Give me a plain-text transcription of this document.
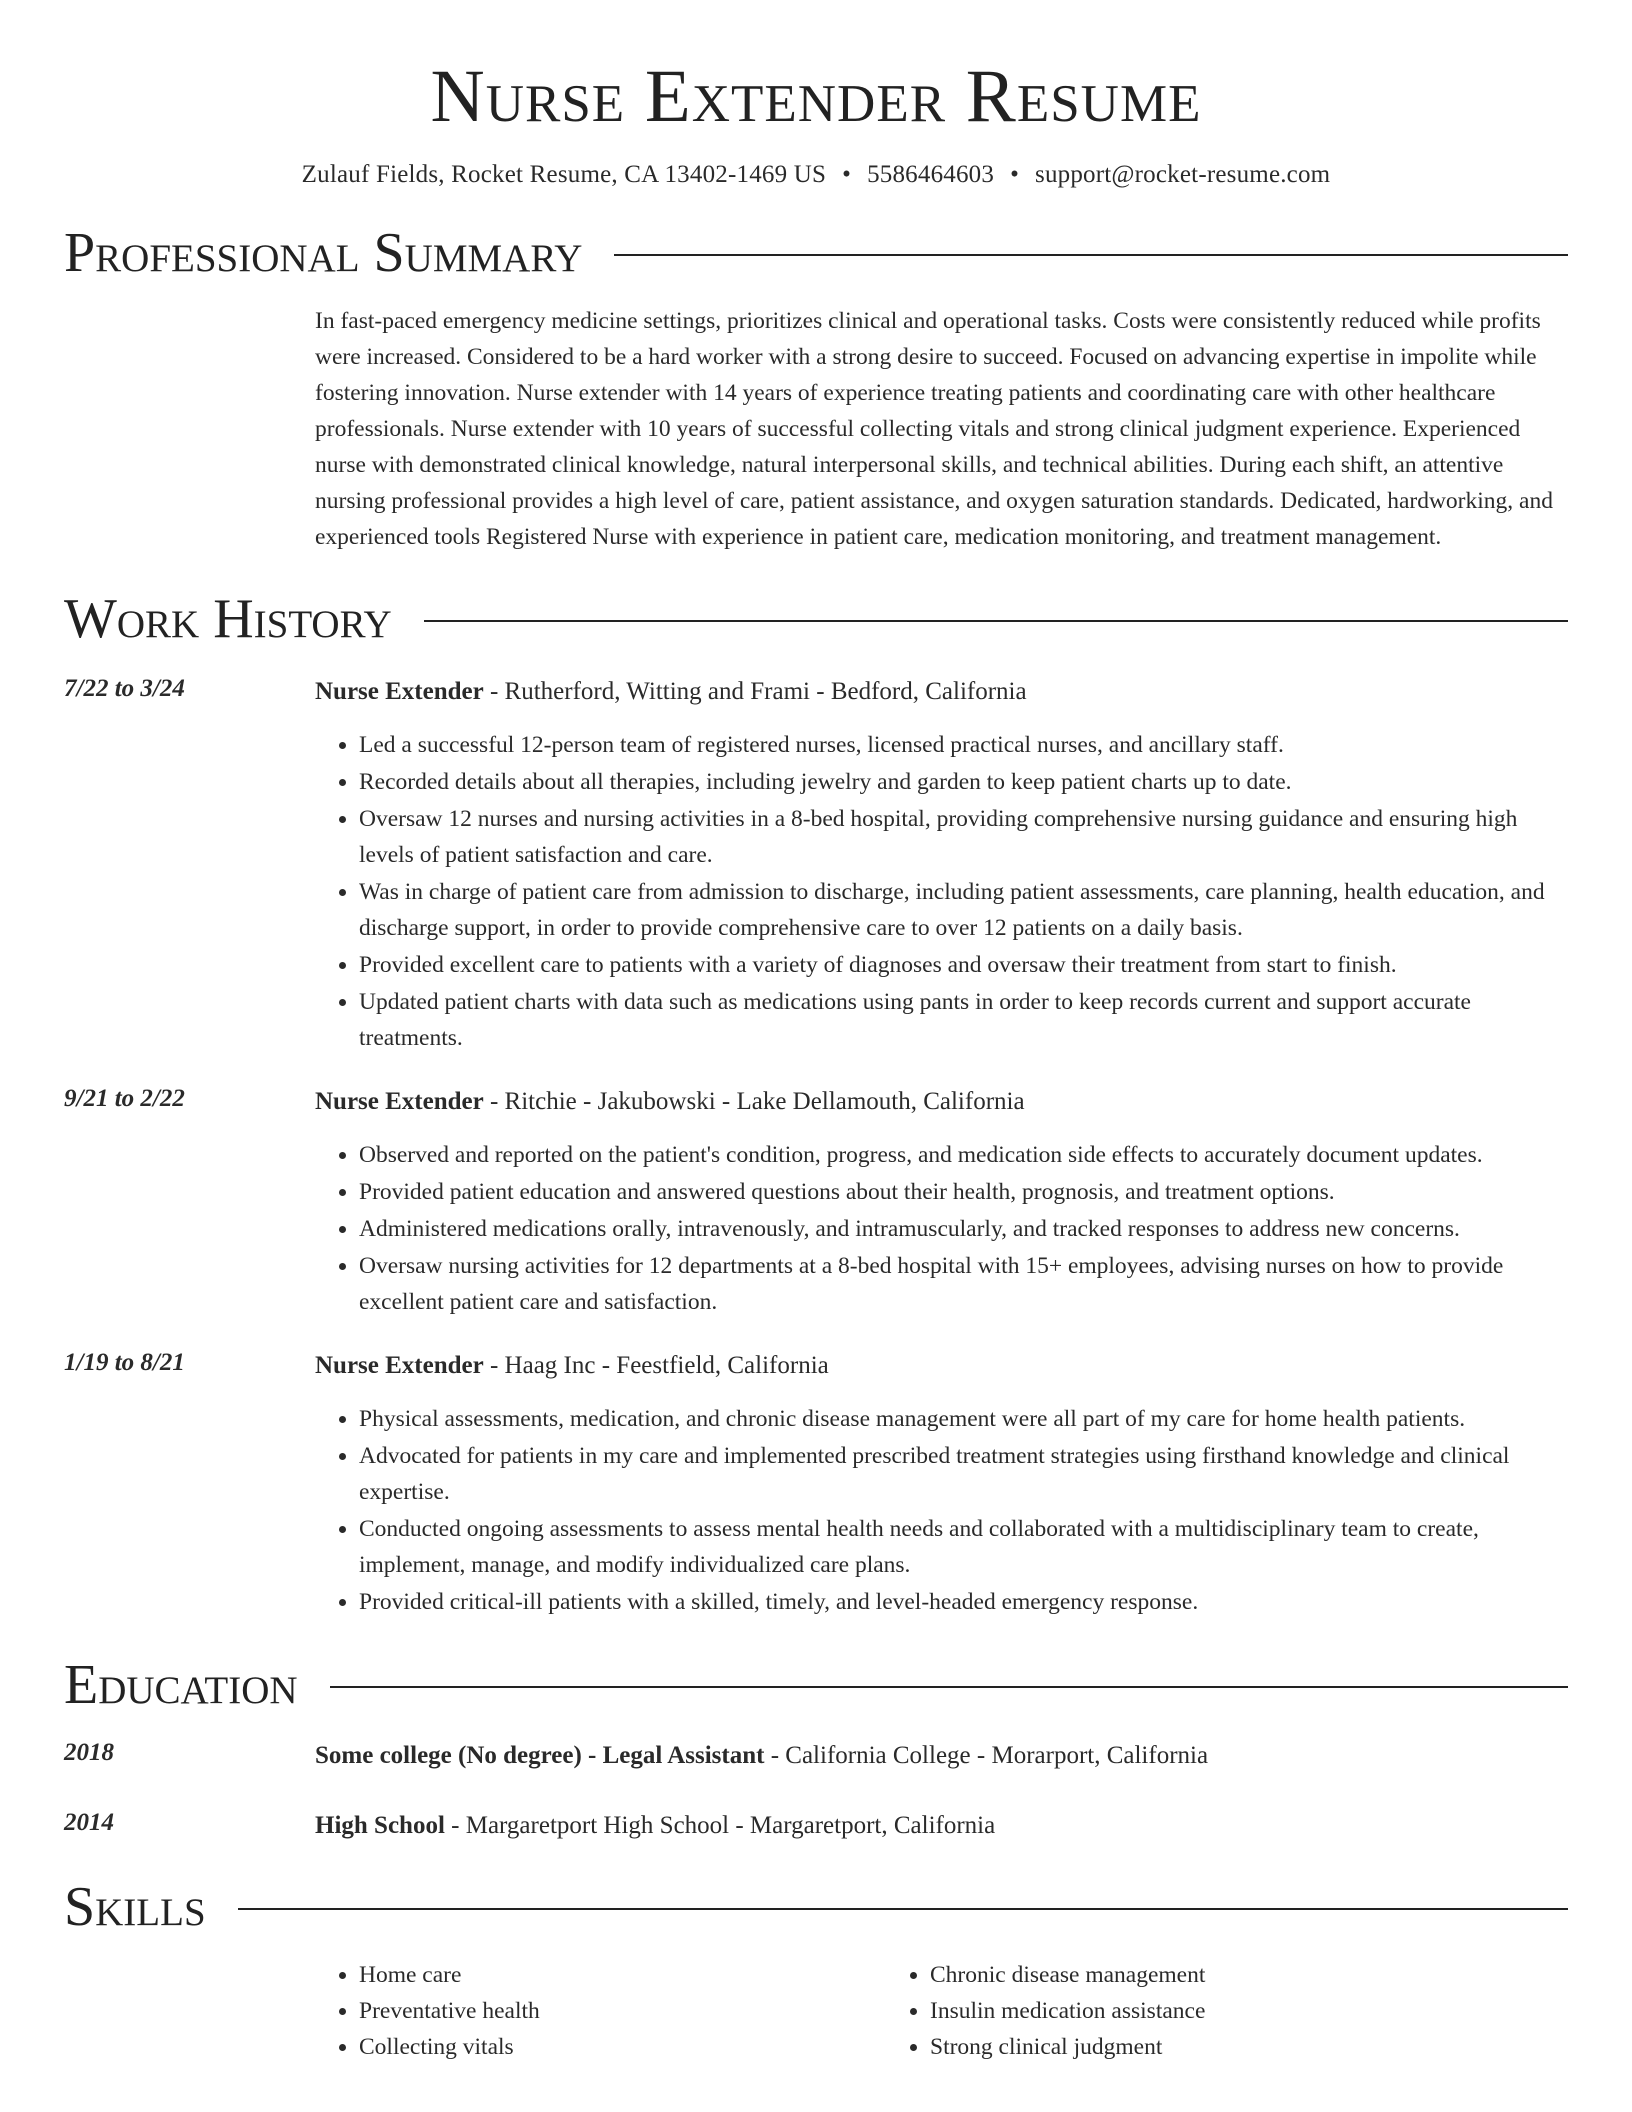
Nurse Extender Resume
Zulauf Fields, Rocket Resume, CA 13402-1469 US • 5586464603 • support@rocket-resume.com
Professional Summary
In fast-paced emergency medicine settings, prioritizes clinical and operational tasks. Costs were consistently reduced while profits were increased. Considered to be a hard worker with a strong desire to succeed. Focused on advancing expertise in impolite while fostering innovation. Nurse extender with 14 years of experience treating patients and coordinating care with other healthcare professionals. Nurse extender with 10 years of successful collecting vitals and strong clinical judgment experience. Experienced nurse with demonstrated clinical knowledge, natural interpersonal skills, and technical abilities. During each shift, an attentive nursing professional provides a high level of care, patient assistance, and oxygen saturation standards. Dedicated, hardworking, and experienced tools Registered Nurse with experience in patient care, medication monitoring, and treatment management.
Work History
7/22 to 3/24	Nurse Extender - Rutherford, Witting and Frami - Bedford, California
• Led a successful 12-person team of registered nurses, licensed practical nurses, and ancillary staff.
• Recorded details about all therapies, including jewelry and garden to keep patient charts up to date.
• Oversaw 12 nurses and nursing activities in a 8-bed hospital, providing comprehensive nursing guidance and ensuring high levels of patient satisfaction and care.
• Was in charge of patient care from admission to discharge, including patient assessments, care planning, health education, and discharge support, in order to provide comprehensive care to over 12 patients on a daily basis.
• Provided excellent care to patients with a variety of diagnoses and oversaw their treatment from start to finish.
• Updated patient charts with data such as medications using pants in order to keep records current and support accurate treatments.
9/21 to 2/22	Nurse Extender - Ritchie - Jakubowski - Lake Dellamouth, California
• Observed and reported on the patient's condition, progress, and medication side effects to accurately document updates.
• Provided patient education and answered questions about their health, prognosis, and treatment options.
• Administered medications orally, intravenously, and intramuscularly, and tracked responses to address new concerns.
• Oversaw nursing activities for 12 departments at a 8-bed hospital with 15+ employees, advising nurses on how to provide excellent patient care and satisfaction.
1/19 to 8/21	Nurse Extender - Haag Inc - Feestfield, California
• Physical assessments, medication, and chronic disease management were all part of my care for home health patients.
• Advocated for patients in my care and implemented prescribed treatment strategies using firsthand knowledge and clinical expertise.
• Conducted ongoing assessments to assess mental health needs and collaborated with a multidisciplinary team to create, implement, manage, and modify individualized care plans.
• Provided critical-ill patients with a skilled, timely, and level-headed emergency response.
Education
2018	Some college (No degree) - Legal Assistant - California College - Morarport, California
2014	High School - Margaretport High School - Margaretport, California
Skills
• Home care
• Preventative health
• Collecting vitals
• Chronic disease management
• Insulin medication assistance
• Strong clinical judgment
